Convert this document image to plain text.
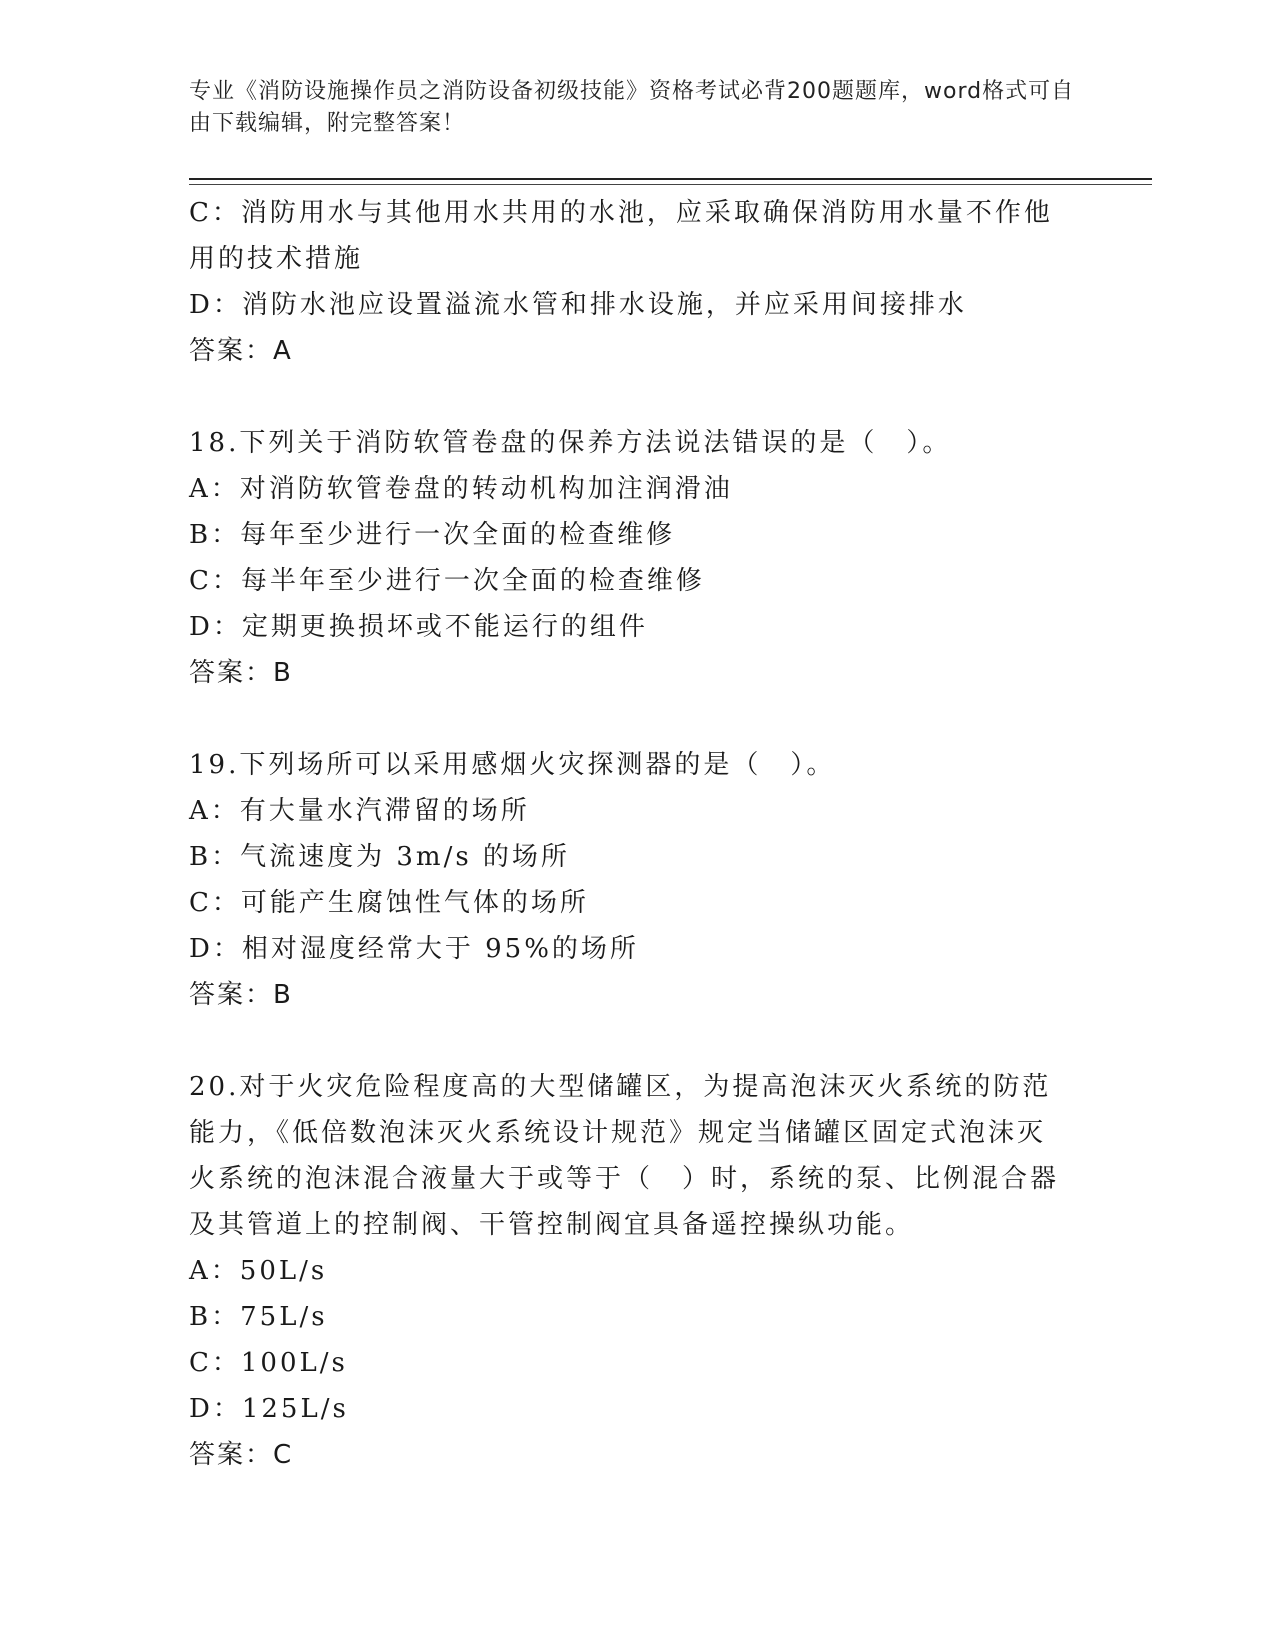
专业《消防设施操作员之消防设备初级技能》资格考试必背200题题库，word格式可自由下载编辑，附完整答案！
C：消防用水与其他用水共用的水池，应采取确保消防用水量不作他用的技术措施
D：消防水池应设置溢流水管和排水设施，并应采用间接排水
答案：A
18.下列关于消防软管卷盘的保养方法说法错误的是（　）。
A：对消防软管卷盘的转动机构加注润滑油
B：每年至少进行一次全面的检查维修
C：每半年至少进行一次全面的检查维修
D：定期更换损坏或不能运行的组件
答案：B
19.下列场所可以采用感烟火灾探测器的是（　）。
A：有大量水汽滞留的场所
B：气流速度为 3m/s 的场所
C：可能产生腐蚀性气体的场所
D：相对湿度经常大于 95%的场所
答案：B
20.对于火灾危险程度高的大型储罐区，为提高泡沫灭火系统的防范能力，《低倍数泡沫灭火系统设计规范》规定当储罐区固定式泡沫灭火系统的泡沫混合液量大于或等于（　）时，系统的泵、比例混合器及其管道上的控制阀、干管控制阀宜具备遥控操纵功能。
A：50L/s
B：75L/s
C：100L/s
D：125L/s
答案：C
